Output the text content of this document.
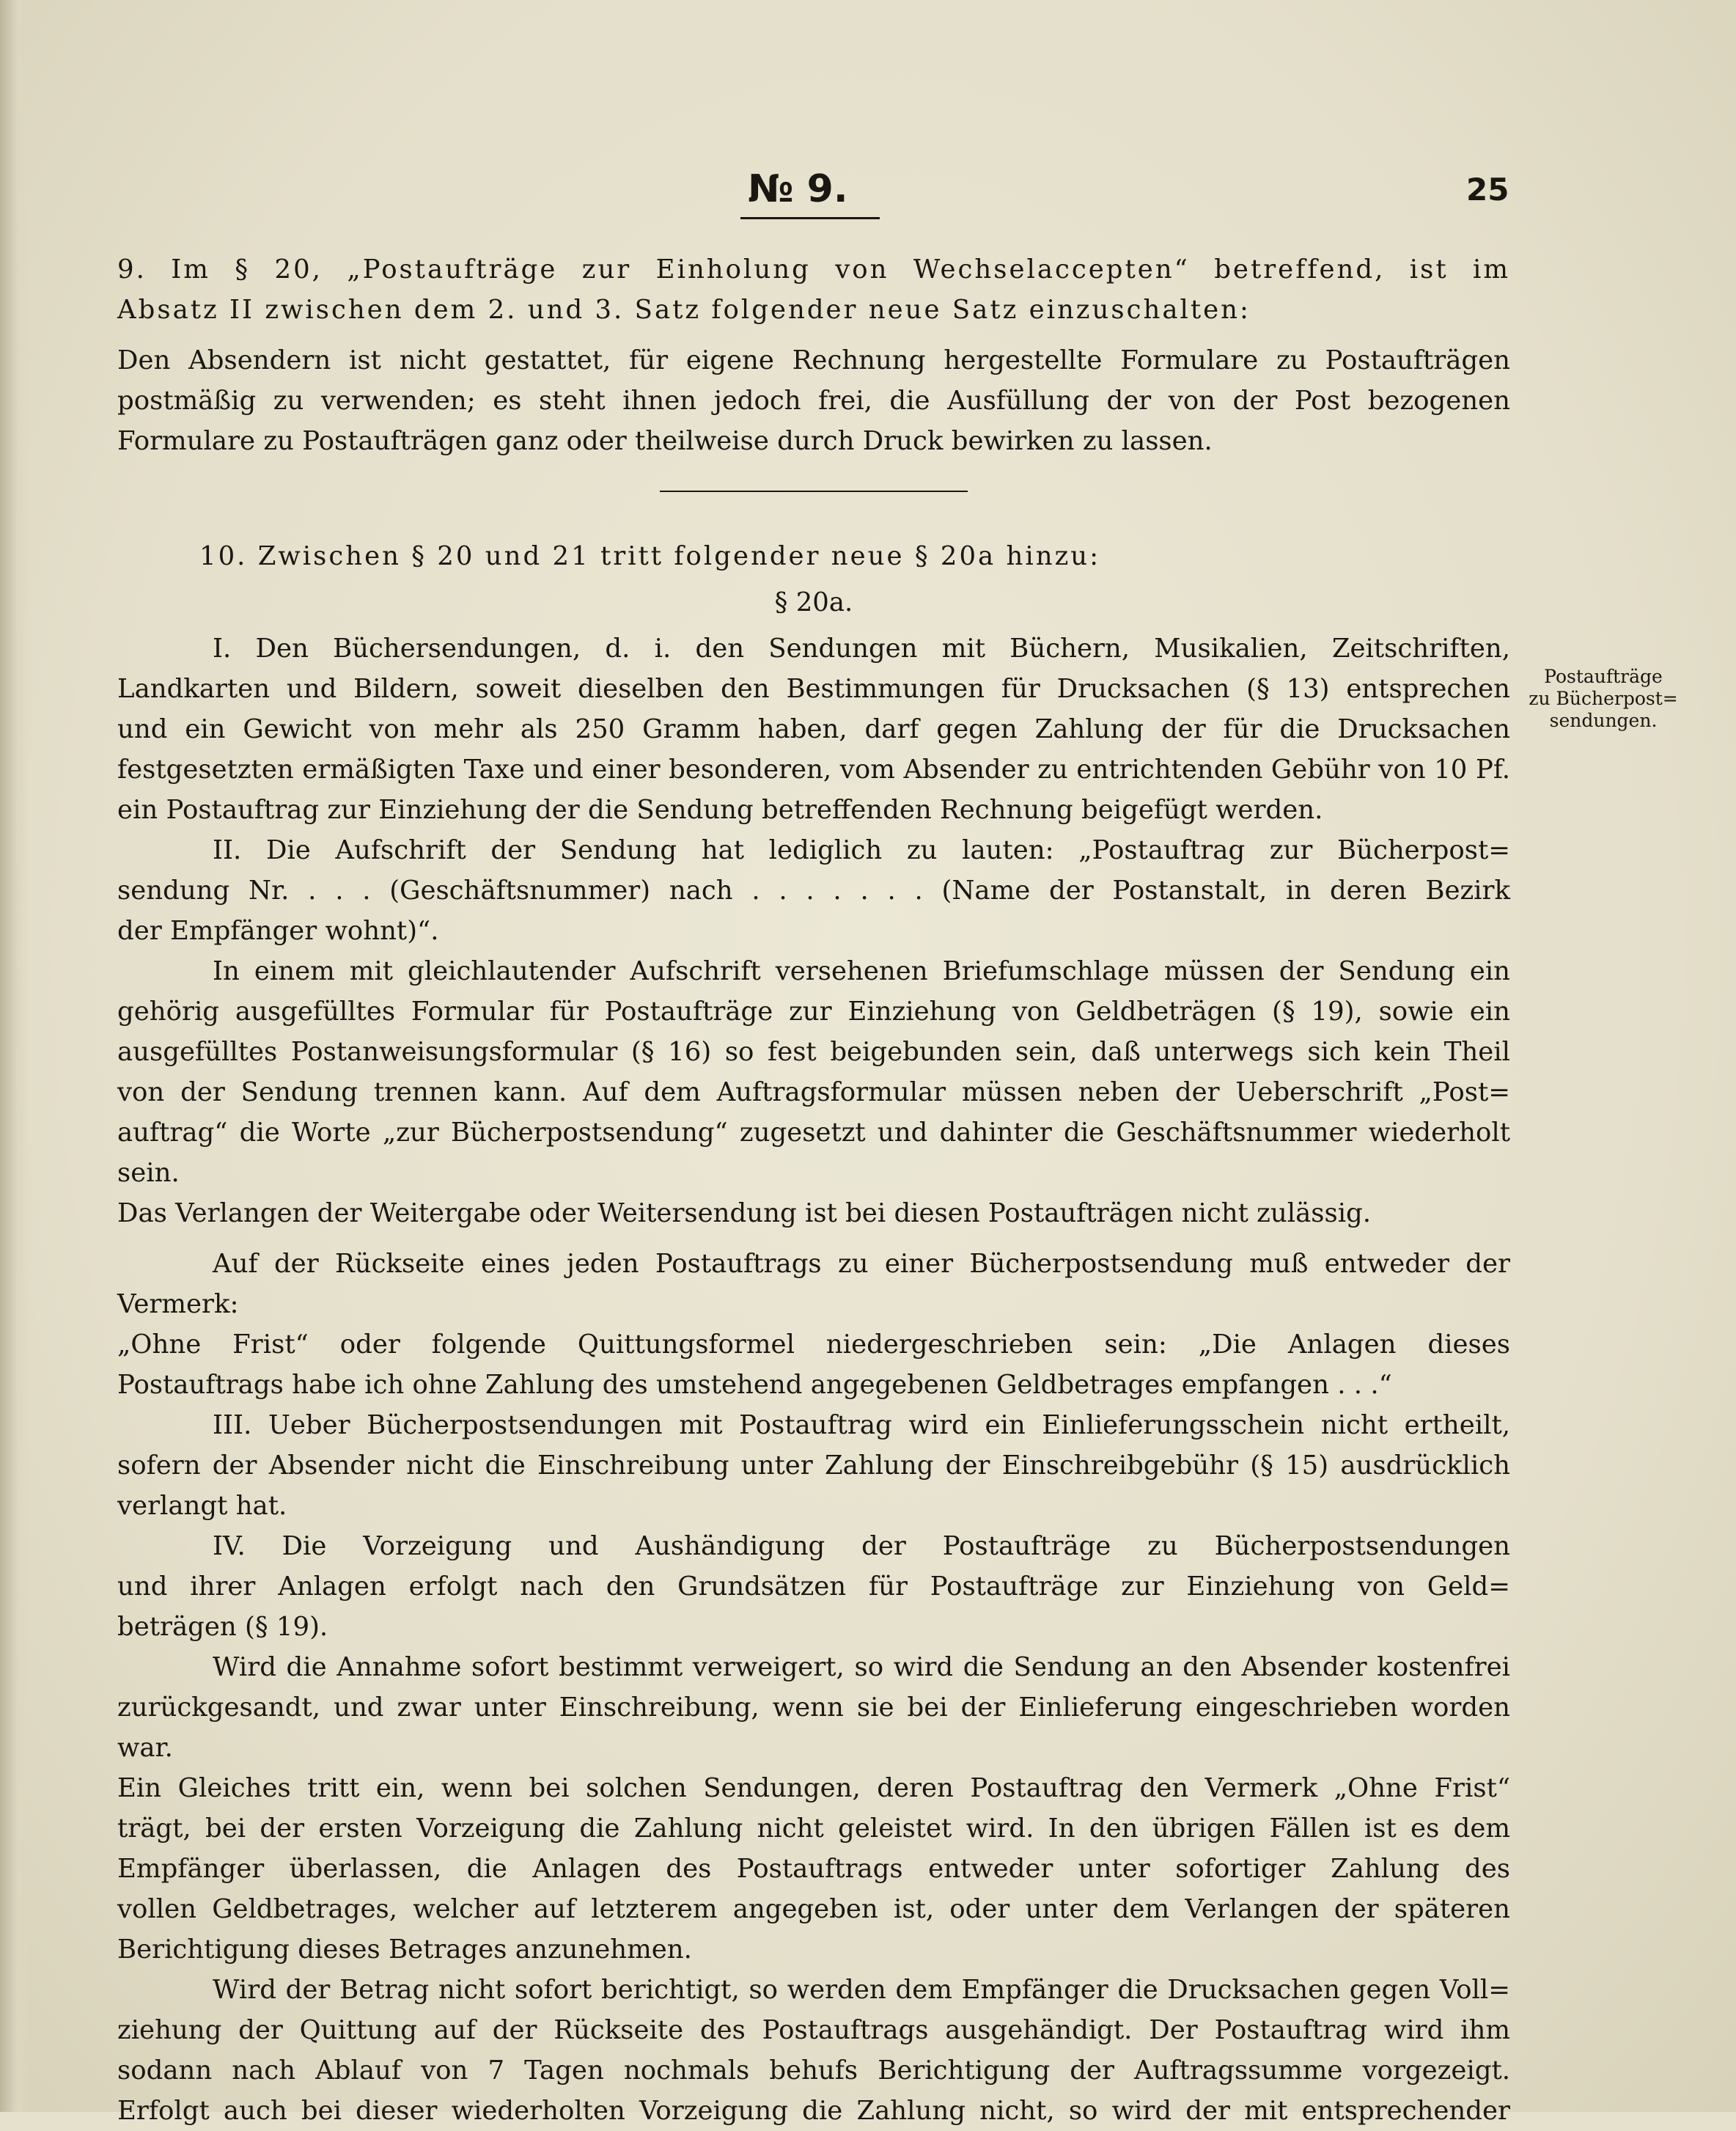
№ 9.	25

9. Im § 20, „Postaufträge zur Einholung von Wechselaccepten“ betreffend, ist im

Absatz II zwischen dem 2. und 3. Satz folgender neue Satz einzuschalten:

Den Absendern ist nicht gestattet, für eigene Rechnung hergestellte Formulare zu Postaufträgen

postmäßig zu verwenden; es steht ihnen jedoch frei, die Ausfüllung der von der Post bezogenen

Formulare zu Postaufträgen ganz oder theilweise durch Druck bewirken zu lassen.

10. Zwischen § 20 und 21 tritt folgender neue § 20a hinzu:

§ 20a.

I. Den Büchersendungen, d. i. den Sendungen mit Büchern, Musikalien, Zeitschriften,

Landkarten und Bildern, soweit dieselben den Bestimmungen für Drucksachen (§ 13) entsprechen

und ein Gewicht von mehr als 250 Gramm haben, darf gegen Zahlung der für die Drucksachen

festgesetzten ermäßigten Taxe und einer besonderen, vom Absender zu entrichtenden Gebühr von 10 Pf.

ein Postauftrag zur Einziehung der die Sendung betreffenden Rechnung beigefügt werden.

II. Die Aufschrift der Sendung hat lediglich zu lauten: „Postauftrag zur Bücherpost=

sendung Nr. . . . (Geschäftsnummer) nach . . . . . . . (Name der Postanstalt, in deren Bezirk

der Empfänger wohnt)“.

In einem mit gleichlautender Aufschrift versehenen Briefumschlage müssen der Sendung ein

gehörig ausgefülltes Formular für Postaufträge zur Einziehung von Geldbeträgen (§ 19), sowie ein

ausgefülltes Postanweisungsformular (§ 16) so fest beigebunden sein, daß unterwegs sich kein Theil

von der Sendung trennen kann. Auf dem Auftragsformular müssen neben der Ueberschrift „Post=

auftrag“ die Worte „zur Bücherpostsendung“ zugesetzt und dahinter die Geschäftsnummer wiederholt sein.

Das Verlangen der Weitergabe oder Weitersendung ist bei diesen Postaufträgen nicht zulässig.

Auf der Rückseite eines jeden Postauftrags zu einer Bücherpostsendung muß entweder der Vermerk:

„Ohne Frist“ oder folgende Quittungsformel niedergeschrieben sein: „Die Anlagen dieses

Postauftrags habe ich ohne Zahlung des umstehend angegebenen Geldbetrages empfangen . . .“

III. Ueber Bücherpostsendungen mit Postauftrag wird ein Einlieferungsschein nicht ertheilt,

sofern der Absender nicht die Einschreibung unter Zahlung der Einschreibgebühr (§ 15) ausdrücklich

verlangt hat.

IV. Die Vorzeigung und Aushändigung der Postaufträge zu Bücherpostsendungen

und ihrer Anlagen erfolgt nach den Grundsätzen für Postaufträge zur Einziehung von Geld=

beträgen (§ 19).

Wird die Annahme sofort bestimmt verweigert, so wird die Sendung an den Absender kostenfrei

zurückgesandt, und zwar unter Einschreibung, wenn sie bei der Einlieferung eingeschrieben worden war.

Ein Gleiches tritt ein, wenn bei solchen Sendungen, deren Postauftrag den Vermerk „Ohne Frist“

trägt, bei der ersten Vorzeigung die Zahlung nicht geleistet wird. In den übrigen Fällen ist es dem

Empfänger überlassen, die Anlagen des Postauftrags entweder unter sofortiger Zahlung des

vollen Geldbetrages, welcher auf letzterem angegeben ist, oder unter dem Verlangen der späteren

Berichtigung dieses Betrages anzunehmen.

Wird der Betrag nicht sofort berichtigt, so werden dem Empfänger die Drucksachen gegen Voll=

ziehung der Quittung auf der Rückseite des Postauftrags ausgehändigt. Der Postauftrag wird ihm

sodann nach Ablauf von 7 Tagen nochmals behufs Berichtigung der Auftragssumme vorgezeigt.

Erfolgt auch bei dieser wiederholten Vorzeigung die Zahlung nicht, so wird der mit entsprechender

Postaufträge
zu Bücherpost=
sendungen.
